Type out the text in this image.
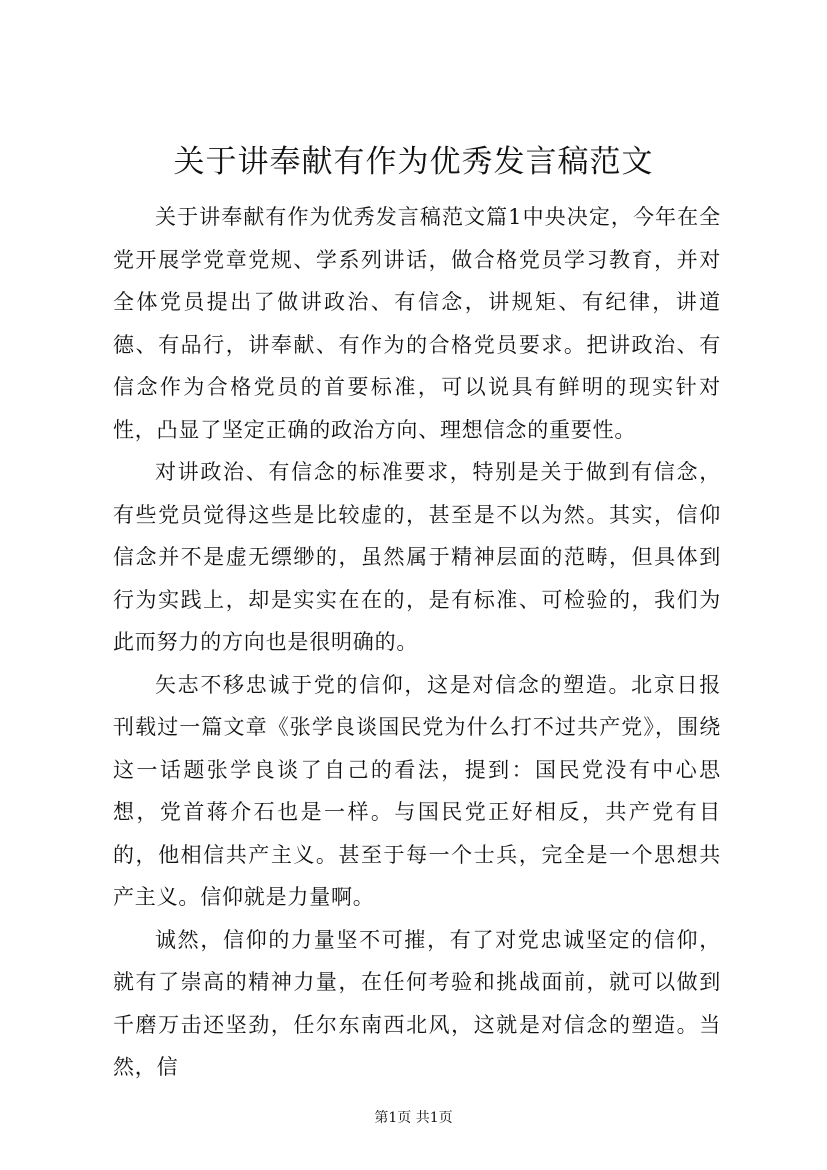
关于讲奉献有作为优秀发言稿范文

关于讲奉献有作为优秀发言稿范文篇1中央决定，今年在全党开展学党章党规、学系列讲话，做合格党员学习教育，并对全体党员提出了做讲政治、有信念，讲规矩、有纪律，讲道德、有品行，讲奉献、有作为的合格党员要求。把讲政治、有信念作为合格党员的首要标准，可以说具有鲜明的现实针对性，凸显了坚定正确的政治方向、理想信念的重要性。

对讲政治、有信念的标准要求，特别是关于做到有信念，有些党员觉得这些是比较虚的，甚至是不以为然。其实，信仰信念并不是虚无缥缈的，虽然属于精神层面的范畴，但具体到行为实践上，却是实实在在的，是有标准、可检验的，我们为此而努力的方向也是很明确的。

矢志不移忠诚于党的信仰，这是对信念的塑造。北京日报刊载过一篇文章《张学良谈国民党为什么打不过共产党》，围绕这一话题张学良谈了自己的看法，提到：国民党没有中心思想，党首蒋介石也是一样。与国民党正好相反，共产党有目的，他相信共产主义。甚至于每一个士兵，完全是一个思想共产主义。信仰就是力量啊。

诚然，信仰的力量坚不可摧，有了对党忠诚坚定的信仰，就有了崇高的精神力量，在任何考验和挑战面前，就可以做到千磨万击还坚劲，任尔东南西北风，这就是对信念的塑造。当然，信

第1页 共1页
